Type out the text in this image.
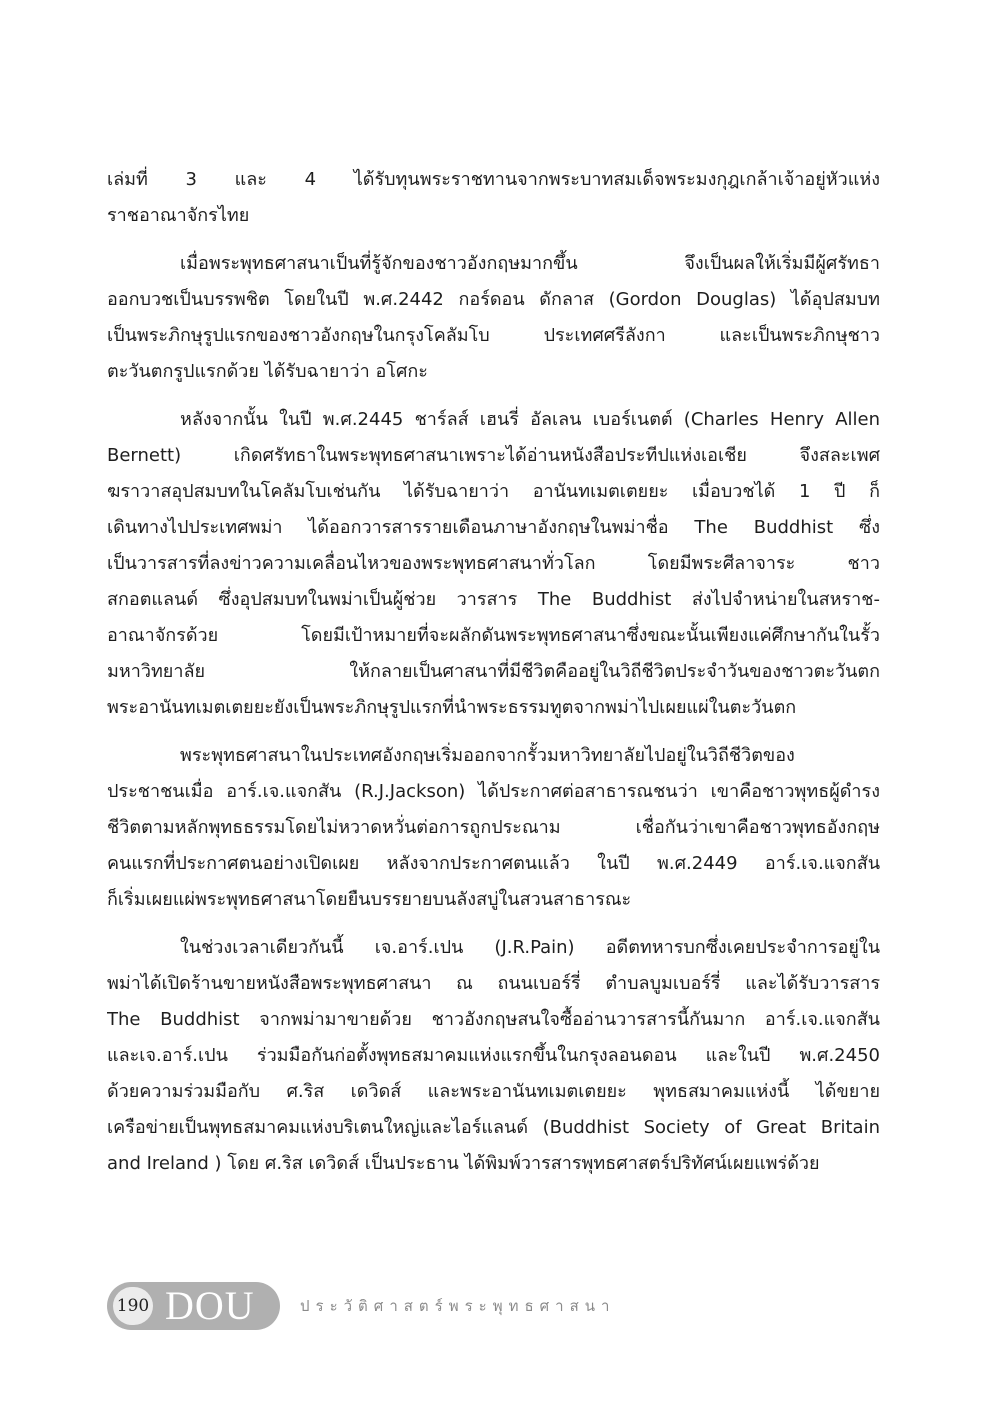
เล่มที่ 3 และ 4 ได้รับทุนพระราชทานจากพระบาทสมเด็จพระมงกุฎเกล้าเจ้าอยู่หัวแห่ง
ราชอาณาจักรไทย
เมื่อพระพุทธศาสนาเป็นที่รู้จักของชาวอังกฤษมากขึ้น จึงเป็นผลให้เริ่มมีผู้ศรัทธา
ออกบวชเป็นบรรพชิต โดยในปี พ.ศ.2442 กอร์ดอน ดักลาส (Gordon Douglas) ได้อุปสมบท
เป็นพระภิกษุรูปแรกของชาวอังกฤษในกรุงโคลัมโบ ประเทศศรีลังกา และเป็นพระภิกษุชาว
ตะวันตกรูปแรกด้วย ได้รับฉายาว่า อโศกะ
หลังจากนั้น ในปี พ.ศ.2445 ชาร์ลส์ เฮนรี่ อัลเลน เบอร์เนตต์ (Charles Henry Allen
Bernett) เกิดศรัทธาในพระพุทธศาสนาเพราะได้อ่านหนังสือประทีปแห่งเอเชีย จึงสละเพศ
ฆราวาสอุปสมบทในโคลัมโบเช่นกัน ได้รับฉายาว่า อานันทเมตเตยยะ เมื่อบวชได้ 1 ปี ก็
เดินทางไปประเทศพม่า ได้ออกวารสารรายเดือนภาษาอังกฤษในพม่าชื่อ The Buddhist ซึ่ง
เป็นวารสารที่ลงข่าวความเคลื่อนไหวของพระพุทธศาสนาทั่วโลก โดยมีพระศีลาจาระ ชาว
สกอตแลนด์ ซึ่งอุปสมบทในพม่าเป็นผู้ช่วย วารสาร The Buddhist ส่งไปจำหน่ายในสหราช-
อาณาจักรด้วย โดยมีเป้าหมายที่จะผลักดันพระพุทธศาสนาซึ่งขณะนั้นเพียงแค่ศึกษากันในรั้ว
มหาวิทยาลัย ให้กลายเป็นศาสนาที่มีชีวิตคืออยู่ในวิถีชีวิตประจำวันของชาวตะวันตก
พระอานันทเมตเตยยะยังเป็นพระภิกษุรูปแรกที่นำพระธรรมทูตจากพม่าไปเผยแผ่ในตะวันตก
พระพุทธศาสนาในประเทศอังกฤษเริ่มออกจากรั้วมหาวิทยาลัยไปอยู่ในวิถีชีวิตของ
ประชาชนเมื่อ อาร์.เจ.แจกสัน (R.J.Jackson) ได้ประกาศต่อสาธารณชนว่า เขาคือชาวพุทธผู้ดำรง
ชีวิตตามหลักพุทธธรรมโดยไม่หวาดหวั่นต่อการถูกประณาม เชื่อกันว่าเขาคือชาวพุทธอังกฤษ
คนแรกที่ประกาศตนอย่างเปิดเผย หลังจากประกาศตนแล้ว ในปี พ.ศ.2449 อาร์.เจ.แจกสัน
ก็เริ่มเผยแผ่พระพุทธศาสนาโดยยืนบรรยายบนลังสบู่ในสวนสาธารณะ
ในช่วงเวลาเดียวกันนี้ เจ.อาร์.เปน (J.R.Pain) อดีตทหารบกซึ่งเคยประจำการอยู่ใน
พม่าได้เปิดร้านขายหนังสือพระพุทธศาสนา ณ ถนนเบอร์รี่ ตำบลบูมเบอร์รี่ และได้รับวารสาร
The Buddhist จากพม่ามาขายด้วย ชาวอังกฤษสนใจซื้ออ่านวารสารนี้กันมาก อาร์.เจ.แจกสัน
และเจ.อาร์.เปน ร่วมมือกันก่อตั้งพุทธสมาคมแห่งแรกขึ้นในกรุงลอนดอน และในปี พ.ศ.2450
ด้วยความร่วมมือกับ ศ.ริส เดวิดส์ และพระอานันทเมตเตยยะ พุทธสมาคมแห่งนี้ ได้ขยาย
เครือข่ายเป็นพุทธสมาคมแห่งบริเตนใหญ่และไอร์แลนด์ (Buddhist Society of Great Britain
and Ireland ) โดย ศ.ริส เดวิดส์ เป็นประธาน ได้พิมพ์วารสารพุทธศาสตร์ปริทัศน์เผยแพร่ด้วย
190 DOU	ประวัติศาสตร์พระพุทธศาสนา
